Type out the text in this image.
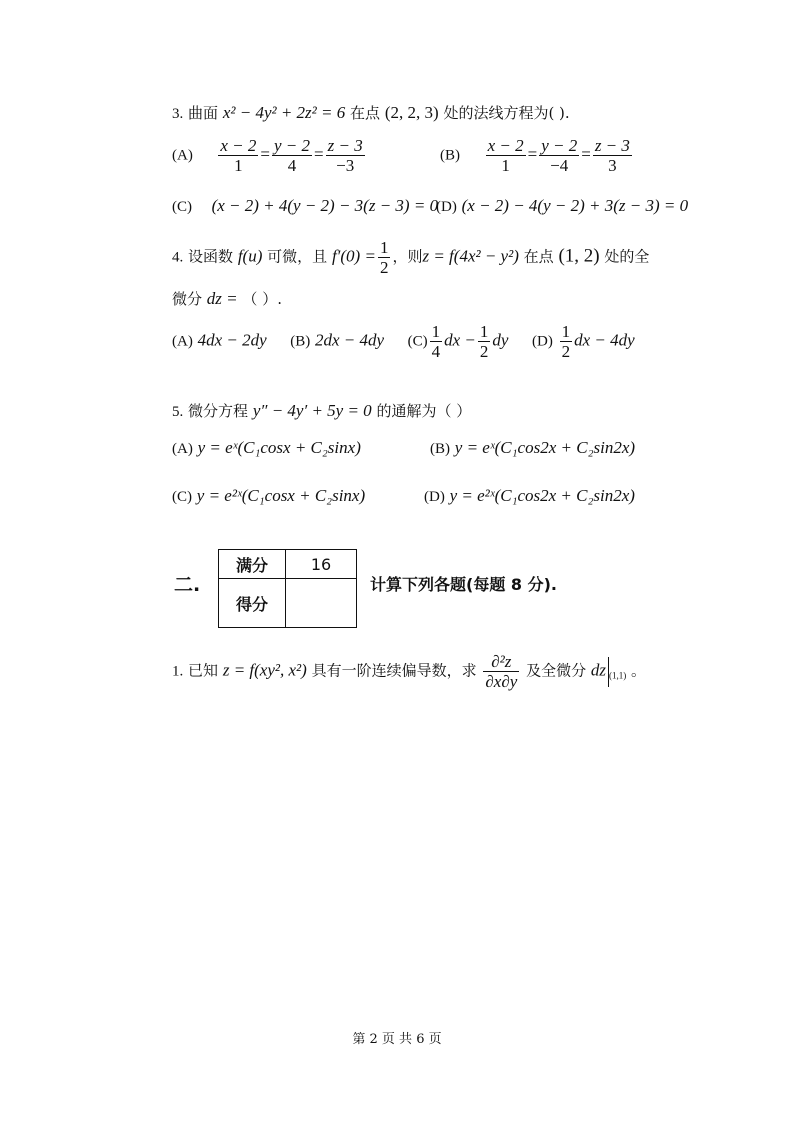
3. 曲面 x² − 4y² + 2z² = 6 在点 (2, 2, 3) 处的法线方程为( ).
$(A) \frac{x - 2}{1} = \frac{y - 2}{4} = \frac{z - 3}{-3}$	$(B) \frac{x - 2}{1} = \frac{y - 2}{-4} = \frac{z - 3}{3}$
(C) (x − 2) + 4(y − 2) − 3(z − 3) = 0
(D) (x − 2) − 4(y − 2) + 3(z − 3) = 0
4. 设函数 f(u) 可微，且 $f'(0) = \frac{1}{2}$ ，则z = f(4x² − y²) 在点 (1, 2) 处的全
微分 dz = （ ）.
(A) 4dx − 2dy (B) 2dx − 4dy $(C) \frac{1}{4}$ dx − $\frac{1}{2}$ dy $(D) \frac{1}{2}$ dx − 4dy
5. 微分方程 y″ − 4y′ + 5y = 0 的通解为（ ）
(A) y = eˣ(C₁cosx + C₂sinx)	(B) y = eˣ(C₁cos2x + C₂sin2x)
(C) y = e²ˣ(C₁cosx + C₂sinx)	(D) y = e²ˣ(C₁cos2x + C₂sin2x)
二.
满分	16
得分	
计算下列各题(每题 8 分).
1. 已知 z = f(xy², x²) 具有一阶连续偏导数，求 $\frac{\text{∂²z}}{\partial x\partial y}$ 及全微分 dz $_{(1,1)}$ 。
第 2 页 共 6 页
